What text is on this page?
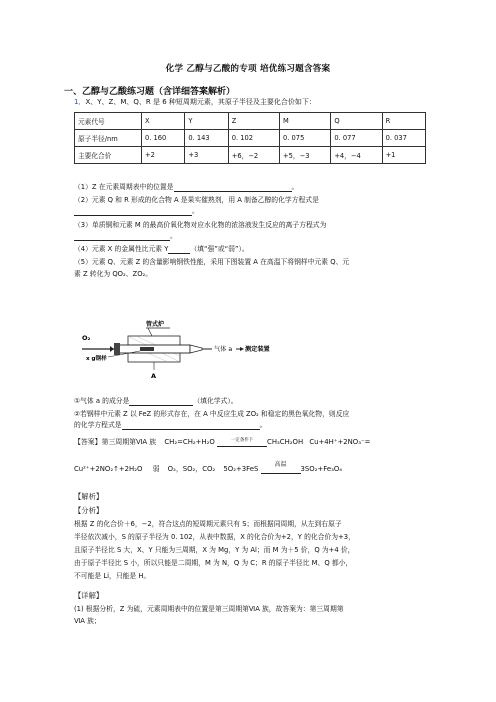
化学 乙醇与乙酸的专项 培优练习题含答案
一、乙醇与乙酸练习题（含详细答案解析）
1．X、Y、Z、M、Q、R 是 6 种短周期元素，其原子半径及主要化合价如下：
元素代号	X	Y	Z	M	Q	R
原子半径/nm	0. 160	0. 143	0. 102	0. 075	0. 077	0. 037
主要化合价	+2	+3	+6，−2	+5，−3	+4，−4	+1
（1）Z 在元素周期表中的位置是	。
（2）元素 Q 和 R 形成的化合物 A 是果实催熟剂，用 A 制备乙醇的化学方程式是
。
（3）单质铜和元素 M 的最高价氧化物对应水化物的浓溶液发生反应的离子方程式为
。
（4）元素 X 的金属性比元素 Y	（填“强”或“弱”）。
（5）元素 Q、元素 Z 的含量影响钢铁性能，采用下图装置 A 在高温下将钢样中元素 Q、元
素 Z 转化为 QO₂、ZO₂。
管式炉
O₂
x g钢样
气体 a 测定装置
A
①气体 a 的成分是	（填化学式）。
②若钢样中元素 Z 以 FeZ 的形式存在，在 A 中反应生成 ZO₂ 和稳定的黑色氧化物，则反应
的化学方程式是	。
【答案】第三周期第ⅥA 族 CH₂=CH₂+H₂O	一定条件下	CH₃CH₂OH Cu+4H⁺+2NO₃⁻=
Cu²⁺+2NO₂↑+2H₂O 弱 O₂，SO₂，CO₂ 5O₂+3FeS
高温
3SO₂+Fe₃O₄
【解析】
【分析】
根据 Z 的化合价＋6，−2，符合这点的短周期元素只有 S；而根据同周期，从左到右原子
半径依次减小，S 的原子半径为 0. 102，从表中数据，X 的化合价为+2，Y 的化合价为+3，
且原子半径比 S 大，X、Y 只能为三周期，X 为 Mg，Y 为 Al；而 M 为＋5 价，Q 为+4 价，
由于原子半径比 S 小，所以只能是二周期，M 为 N，Q 为 C；R 的原子半径比 M、Q 都小，
不可能是 Li，只能是 H。
【详解】
(1) 根据分析，Z 为硫，元素周期表中的位置是第三周期第ⅥA 族，故答案为：第三周期第
ⅥA 族；
